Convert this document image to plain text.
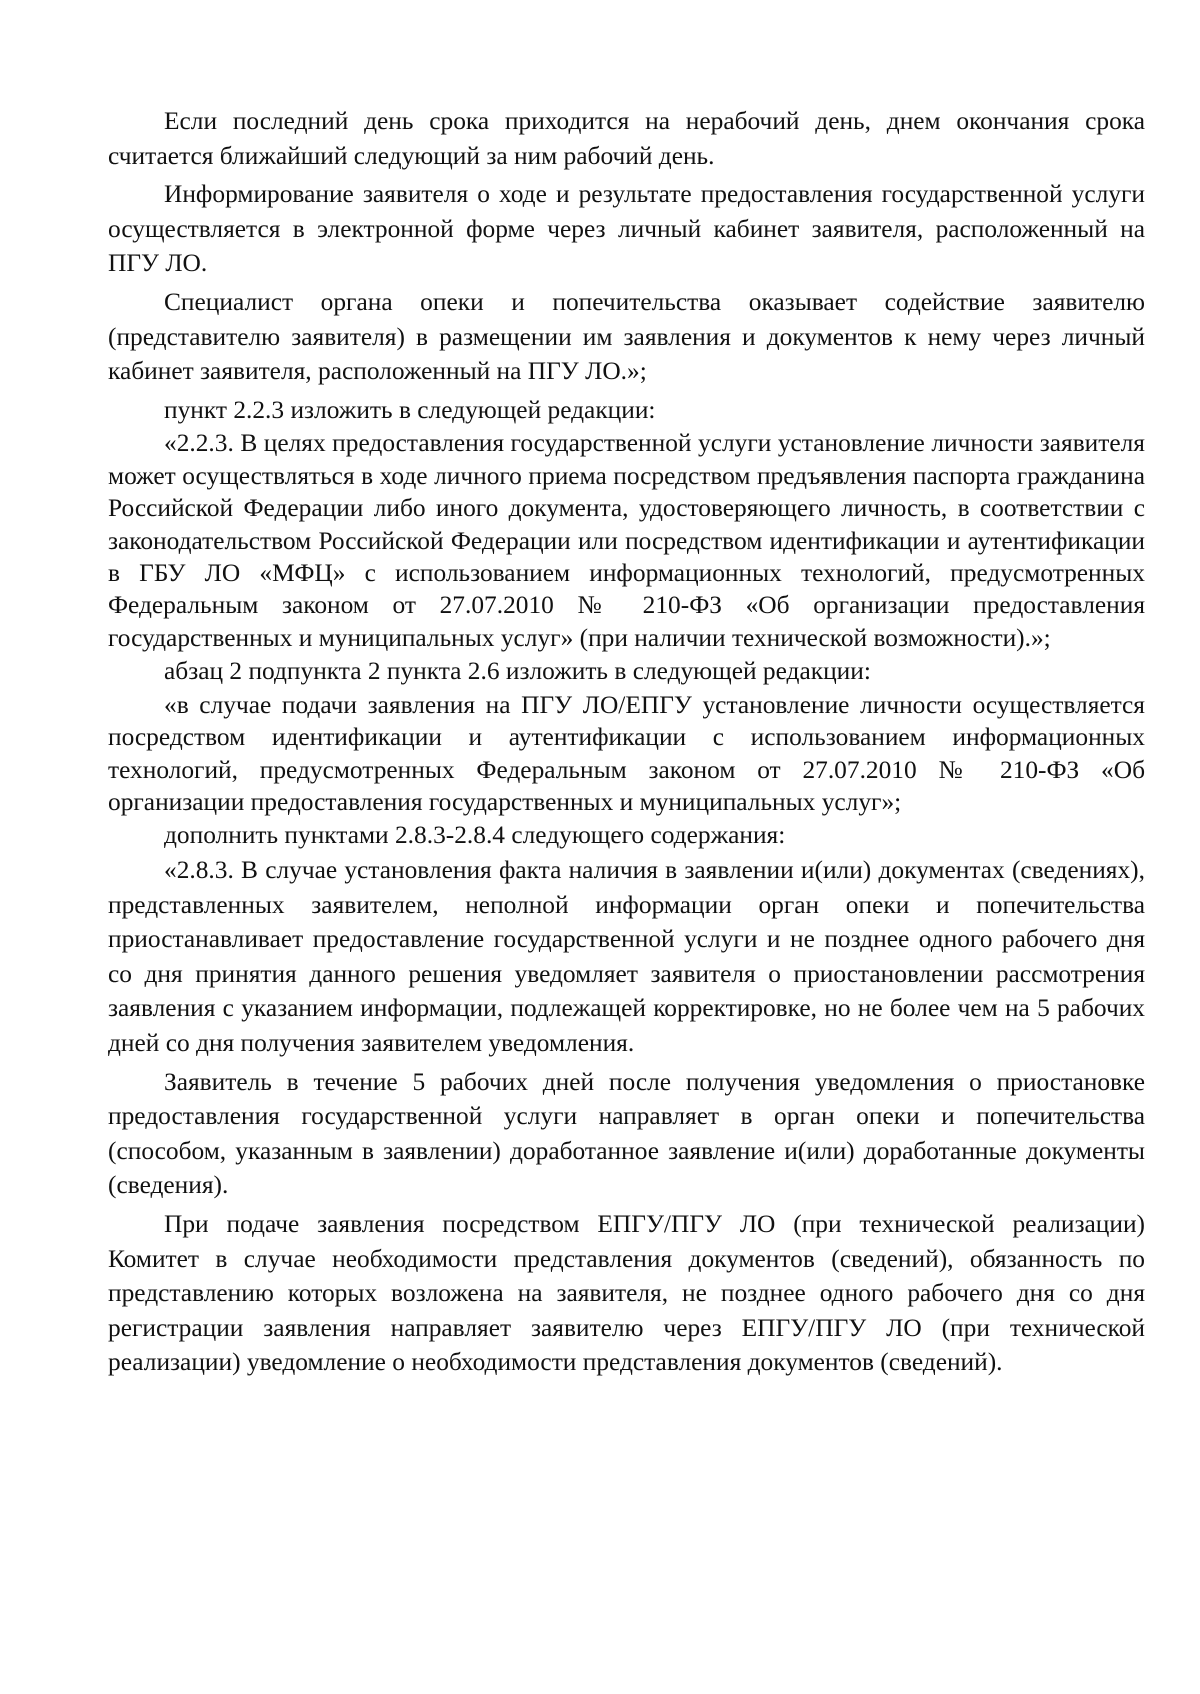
Если последний день срока приходится на нерабочий день, днем окончания срока считается ближайший следующий за ним рабочий день.

Информирование заявителя о ходе и результате предоставления государственной услуги осуществляется в электронной форме через личный кабинет заявителя, расположенный на ПГУ ЛО.

Специалист органа опеки и попечительства оказывает содействие заявителю (представителю заявителя) в размещении им заявления и документов к нему через личный кабинет заявителя, расположенный на ПГУ ЛО.»;

пункт 2.2.3 изложить в следующей редакции:

«2.2.3. В целях предоставления государственной услуги установление личности заявителя может осуществляться в ходе личного приема посредством предъявления паспорта гражданина Российской Федерации либо иного документа, удостоверяющего личность, в соответствии с законодательством Российской Федерации или посредством идентификации и аутентификации в ГБУ ЛО «МФЦ» с использованием информационных технологий, предусмотренных Федеральным законом от 27.07.2010 № 210-ФЗ «Об организации предоставления государственных и муниципальных услуг» (при наличии технической возможности).»;

абзац 2 подпункта 2 пункта 2.6 изложить в следующей редакции:

«в случае подачи заявления на ПГУ ЛО/ЕПГУ установление личности осуществляется посредством идентификации и аутентификации с использованием информационных технологий, предусмотренных Федеральным законом от 27.07.2010 № 210-ФЗ «Об организации предоставления государственных и муниципальных услуг»;

дополнить пунктами 2.8.3-2.8.4 следующего содержания:

«2.8.3. В случае установления факта наличия в заявлении и(или) документах (сведениях), представленных заявителем, неполной информации орган опеки и попечительства приостанавливает предоставление государственной услуги и не позднее одного рабочего дня со дня принятия данного решения уведомляет заявителя о приостановлении рассмотрения заявления с указанием информации, подлежащей корректировке, но не более чем на 5 рабочих дней со дня получения заявителем уведомления.

Заявитель в течение 5 рабочих дней после получения уведомления о приостановке предоставления государственной услуги направляет в орган опеки и попечительства (способом, указанным в заявлении) доработанное заявление и(или) доработанные документы (сведения).

При подаче заявления посредством ЕПГУ/ПГУ ЛО (при технической реализации) Комитет в случае необходимости представления документов (сведений), обязанность по представлению которых возложена на заявителя, не позднее одного рабочего дня со дня регистрации заявления направляет заявителю через ЕПГУ/ПГУ ЛО (при технической реализации) уведомление о необходимости представления документов (сведений).
